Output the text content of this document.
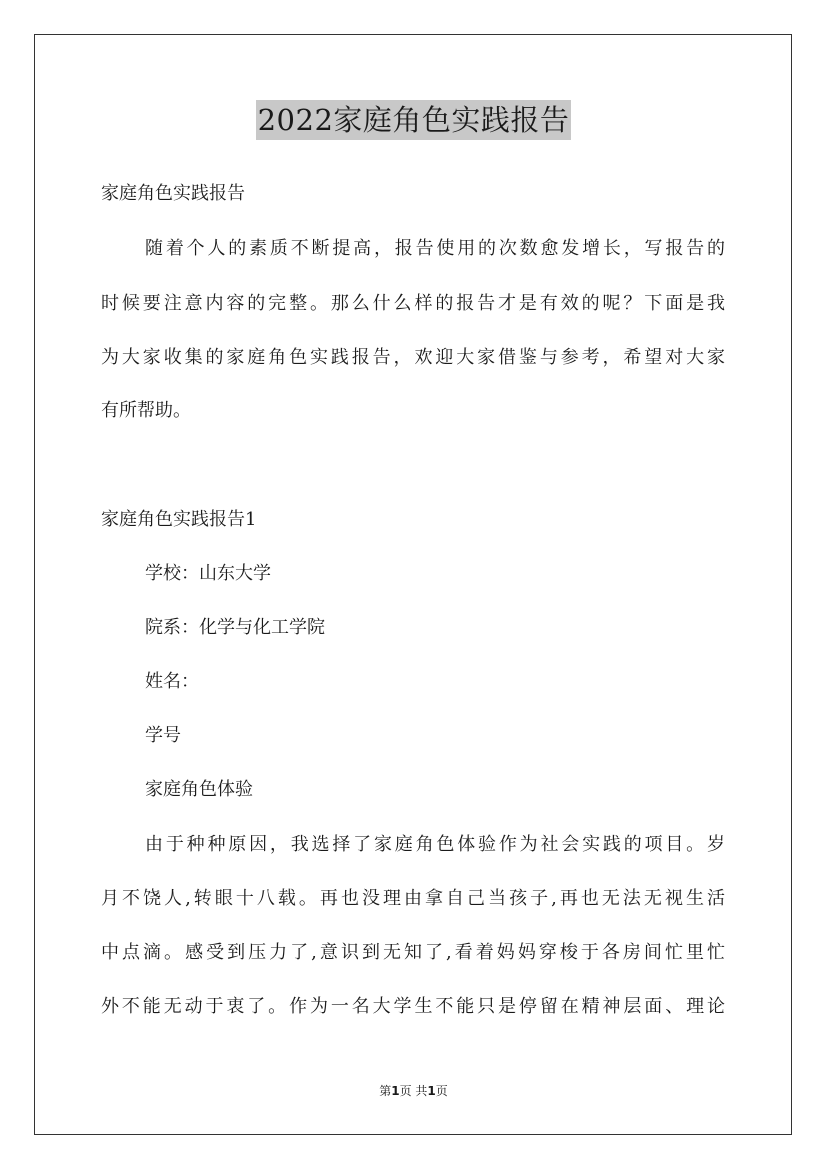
2022家庭角色实践报告
家庭角色实践报告
随着个人的素质不断提高，报告使用的次数愈发增长，写报告的
时候要注意内容的完整。那么什么样的报告才是有效的呢？下面是我
为大家收集的家庭角色实践报告，欢迎大家借鉴与参考，希望对大家
有所帮助。
家庭角色实践报告1
学校：山东大学
院系：化学与化工学院
姓名：
学号
家庭角色体验
由于种种原因，我选择了家庭角色体验作为社会实践的项目。岁
月不饶人,转眼十八载。再也没理由拿自己当孩子,再也无法无视生活
中点滴。感受到压力了,意识到无知了,看着妈妈穿梭于各房间忙里忙
外不能无动于衷了。作为一名大学生不能只是停留在精神层面、理论
第1页 共1页
